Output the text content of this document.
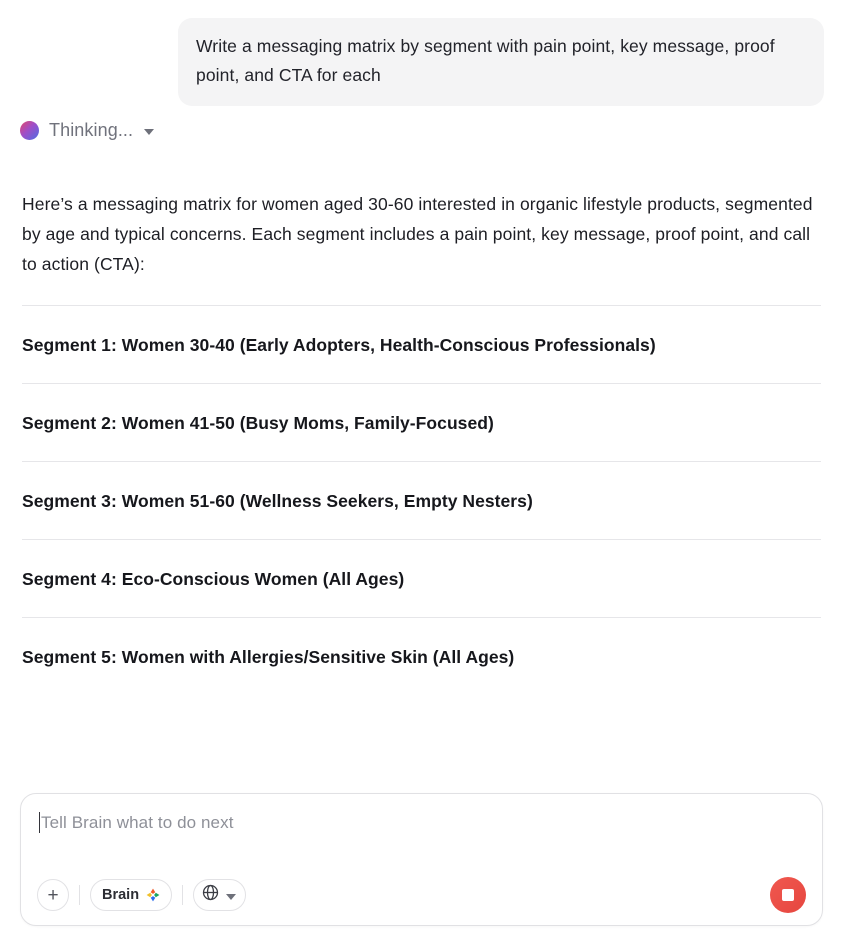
Write a messaging matrix by segment with pain point, key message, proof point, and CTA for each
Thinking...
Here’s a messaging matrix for women aged 30-60 interested in organic lifestyle products, segmented by age and typical concerns. Each segment includes a pain point, key message, proof point, and call to action (CTA):
Segment 1: Women 30-40 (Early Adopters, Health-Conscious Professionals)
Segment 2: Women 41-50 (Busy Moms, Family-Focused)
Segment 3: Women 51-60 (Wellness Seekers, Empty Nesters)
Segment 4: Eco-Conscious Women (All Ages)
Segment 5: Women with Allergies/Sensitive Skin (All Ages)
Tell Brain what to do next
+	Brain
